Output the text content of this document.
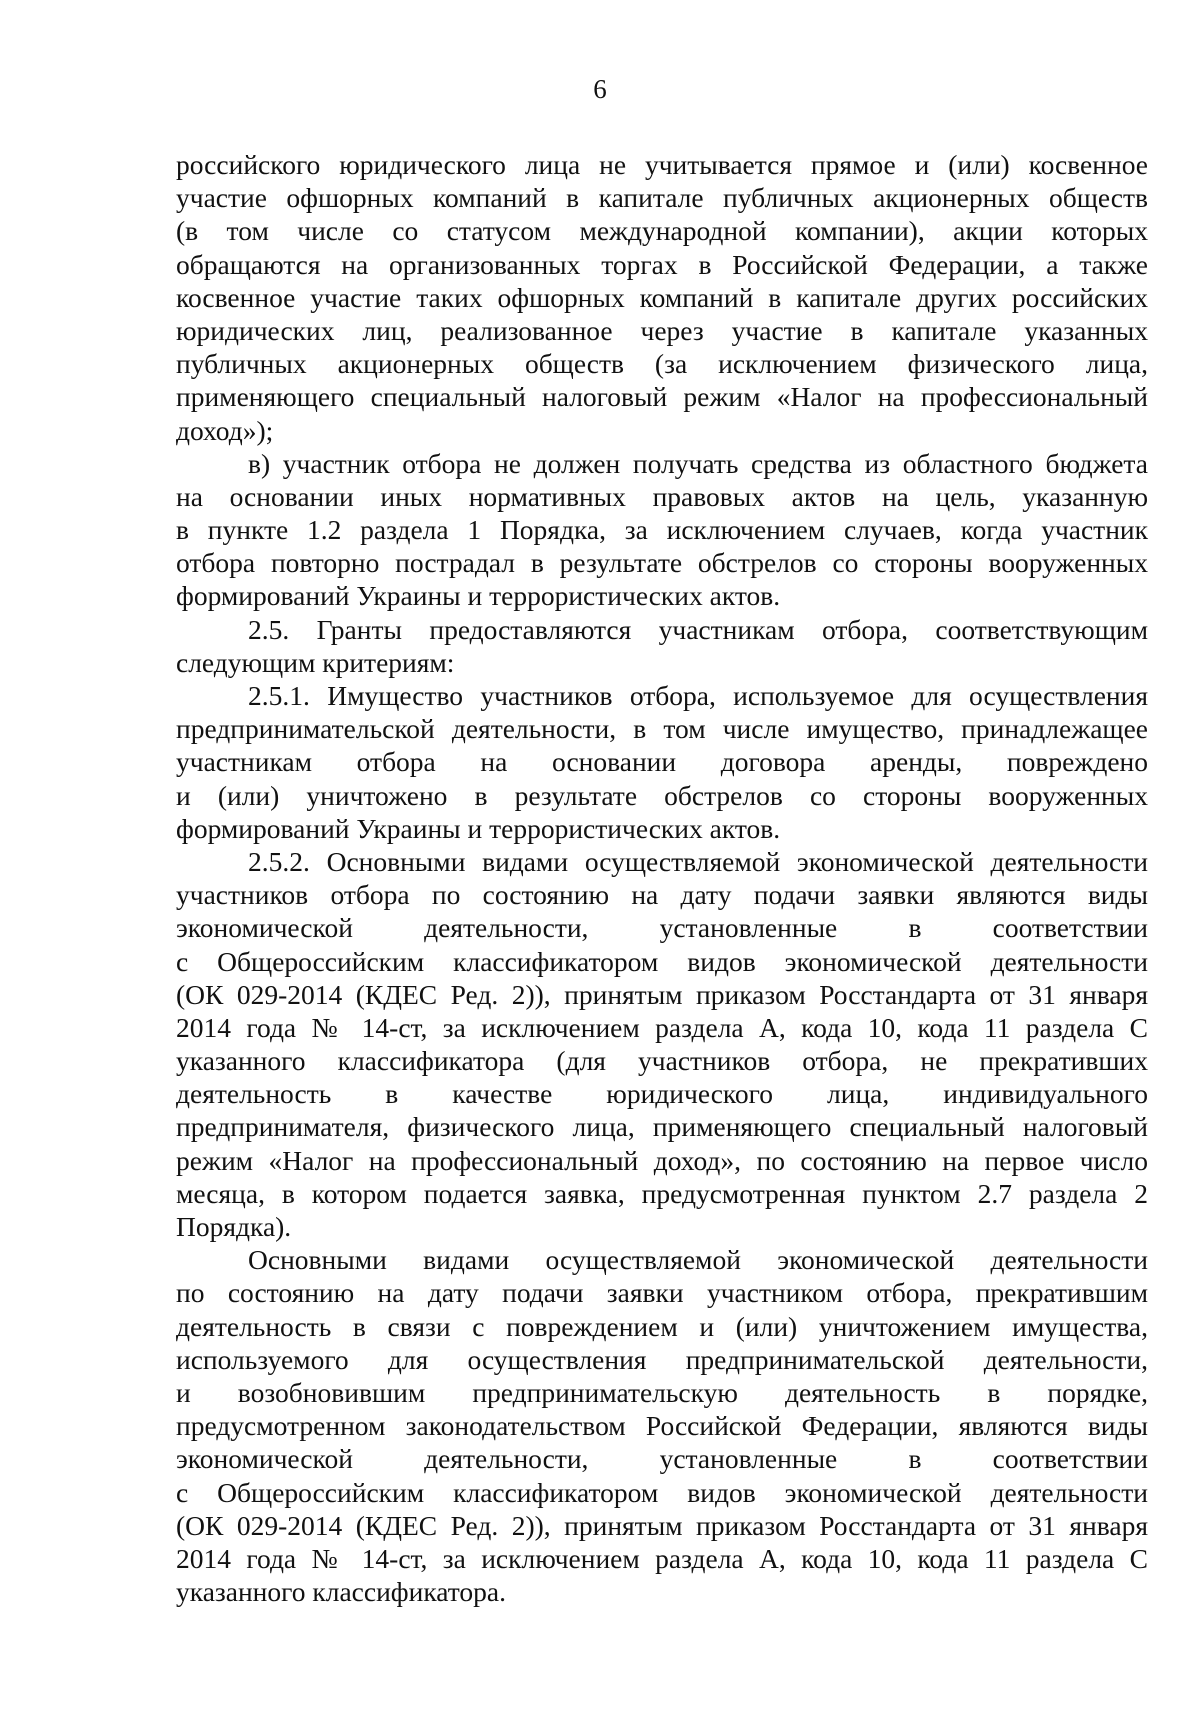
6
российского юридического лица не учитывается прямое и (или) косвенное
участие офшорных компаний в капитале публичных акционерных обществ
(в том числе со статусом международной компании), акции которых
обращаются на организованных торгах в Российской Федерации, а также
косвенное участие таких офшорных компаний в капитале других российских
юридических лиц, реализованное через участие в капитале указанных
публичных акционерных обществ (за исключением физического лица,
применяющего специальный налоговый режим «Налог на профессиональный
доход»);
в) участник отбора не должен получать средства из областного бюджета
на основании иных нормативных правовых актов на цель, указанную
в пункте 1.2 раздела 1 Порядка, за исключением случаев, когда участник
отбора повторно пострадал в результате обстрелов со стороны вооруженных
формирований Украины и террористических актов.
2.5. Гранты предоставляются участникам отбора, соответствующим
следующим критериям:
2.5.1. Имущество участников отбора, используемое для осуществления
предпринимательской деятельности, в том числе имущество, принадлежащее
участникам отбора на основании договора аренды, повреждено
и (или) уничтожено в результате обстрелов со стороны вооруженных
формирований Украины и террористических актов.
2.5.2. Основными видами осуществляемой экономической деятельности
участников отбора по состоянию на дату подачи заявки являются виды
экономической деятельности, установленные в соответствии
с Общероссийским классификатором видов экономической деятельности
(ОК 029-2014 (КДЕС Ред. 2)), принятым приказом Росстандарта от 31 января
2014 года № 14-ст, за исключением раздела А, кода 10, кода 11 раздела С
указанного классификатора (для участников отбора, не прекративших
деятельность в качестве юридического лица, индивидуального
предпринимателя, физического лица, применяющего специальный налоговый
режим «Налог на профессиональный доход», по состоянию на первое число
месяца, в котором подается заявка, предусмотренная пунктом 2.7 раздела 2
Порядка).
Основными видами осуществляемой экономической деятельности
по состоянию на дату подачи заявки участником отбора, прекратившим
деятельность в связи с повреждением и (или) уничтожением имущества,
используемого для осуществления предпринимательской деятельности,
и возобновившим предпринимательскую деятельность в порядке,
предусмотренном законодательством Российской Федерации, являются виды
экономической деятельности, установленные в соответствии
с Общероссийским классификатором видов экономической деятельности
(ОК 029-2014 (КДЕС Ред. 2)), принятым приказом Росстандарта от 31 января
2014 года № 14-ст, за исключением раздела А, кода 10, кода 11 раздела С
указанного классификатора.
